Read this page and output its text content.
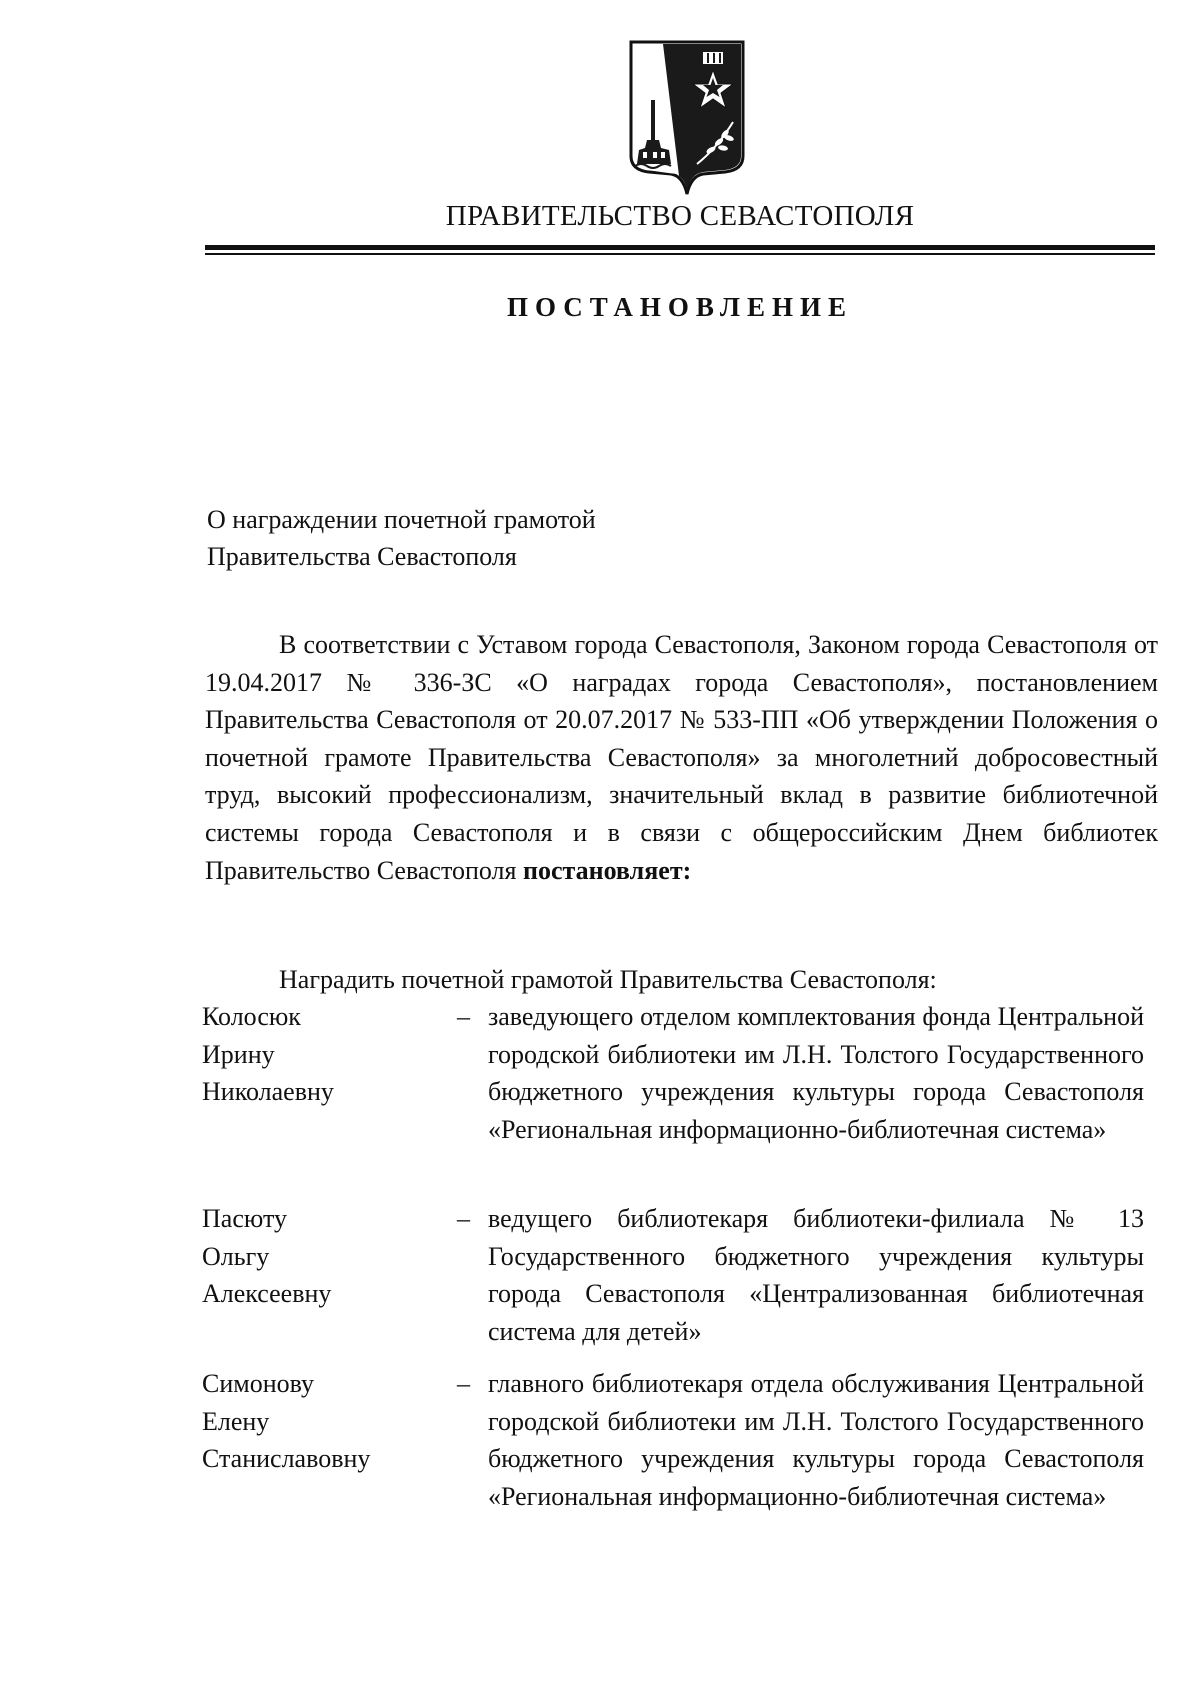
ПРАВИТЕЛЬСТВО СЕВАСТОПОЛЯ
ПОСТАНОВЛЕНИЕ
О награждении почетной грамотой
Правительства Севастополя
В соответствии с Уставом города Севастополя, Законом города Севастополя от 19.04.2017 № 336-ЗС «О наградах города Севастополя», постановлением Правительства Севастополя от 20.07.2017 № 533-ПП «Об утверждении Положения о почетной грамоте Правительства Севастополя» за многолетний добросовестный труд, высокий профессионализм, значительный вклад в развитие библиотечной системы города Севастополя и в связи с общероссийским Днем библиотек Правительство Севастополя постановляет:
Наградить почетной грамотой Правительства Севастополя:
Колосюк
Ирину
Николаевну
– заведующего отделом комплектования фонда Центральной городской библиотеки им Л.Н. Толстого Государственного бюджетного учреждения культуры города Севастополя «Региональная информационно-библиотечная система»
Пасюту
Ольгу
Алексеевну
– ведущего библиотекаря библиотеки-филиала № 13 Государственного бюджетного учреждения культуры города Севастополя «Централизованная библиотечная система для детей»
Симонову
Елену
Станиславовну
– главного библиотекаря отдела обслуживания Центральной городской библиотеки им Л.Н. Толстого Государственного бюджетного учреждения культуры города Севастополя «Региональная информационно-библиотечная система»
